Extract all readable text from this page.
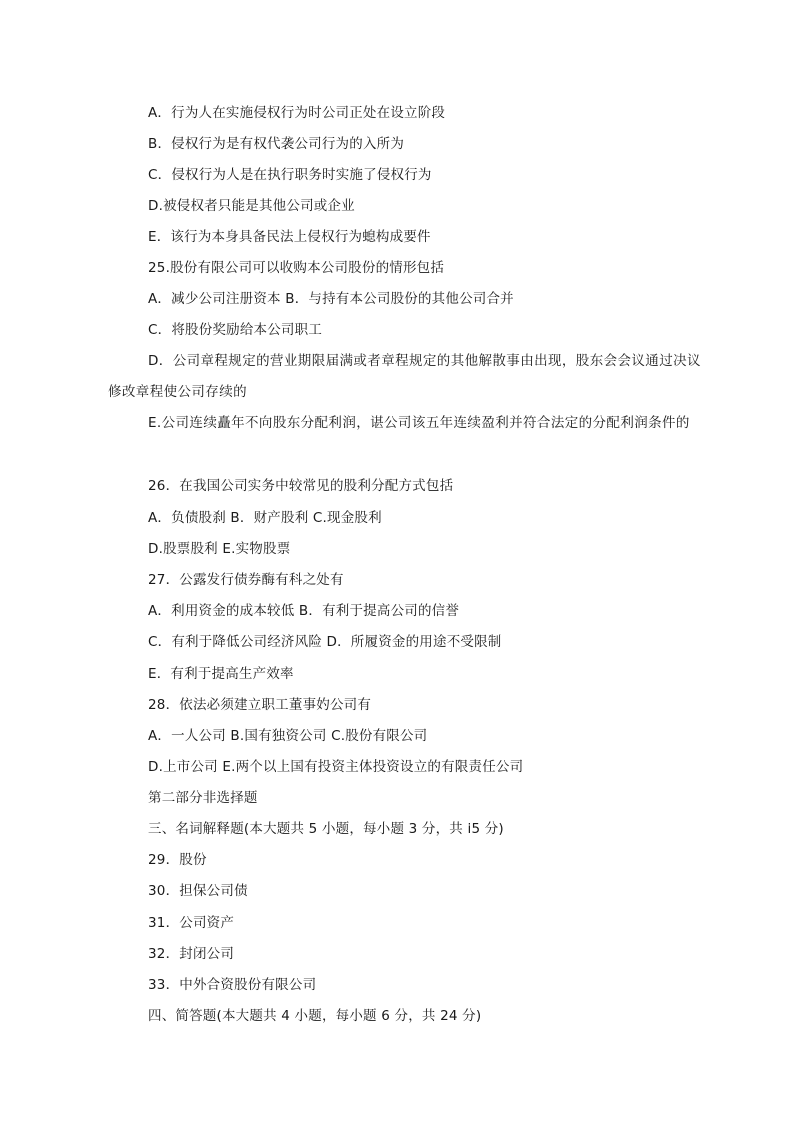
A．行为人在实施侵权行为时公司正处在设立阶段
B．侵权行为是有权代袭公司行为的入所为
C．侵权行为人是在执行职务时实施了侵权行为
D.被侵权者只能是其他公司或企业
E．该行为本身具备民法上侵权行为螅构成要件
25.股份有限公司可以收购本公司股份的情形包括
A．减少公司注册资本 B．与持有本公司股份的其他公司合并
C．将股份奖励给本公司职工
D．公司章程规定的营业期限届满或者章程规定的其他解散事由出现，股东会会议通过决议修改章程使公司存续的
E.公司连续矗年不向股东分配利润，谌公司该五年连续盈利并符合法定的分配利润条件的
26．在我国公司实务中较常见的股利分配方式包括
A．负债股刹 B．财产股利 C.现金股利
D.股票股利 E.实物股票
27．公露发行债券酶有科之处有
A．利用资金的成本较低 B．有利于提高公司的信誉
C．有利于降低公司经济风险 D．所履资金的用途不受限制
E．有利于提高生产效率
28．依法必须建立职工董事妁公司有
A．一人公司 B.国有独资公司 C.股份有限公司
D.上市公司 E.两个以上国有投资主体投资设立的有限责任公司
第二部分非选择题
三、名词解释题(本大题共 5 小题，每小题 3 分，共 i5 分)
29．股份
30．担保公司债
31．公司资产
32．封闭公司
33．中外合资股份有限公司
四、简答题(本大题共 4 小题，每小题 6 分，共 24 分)
